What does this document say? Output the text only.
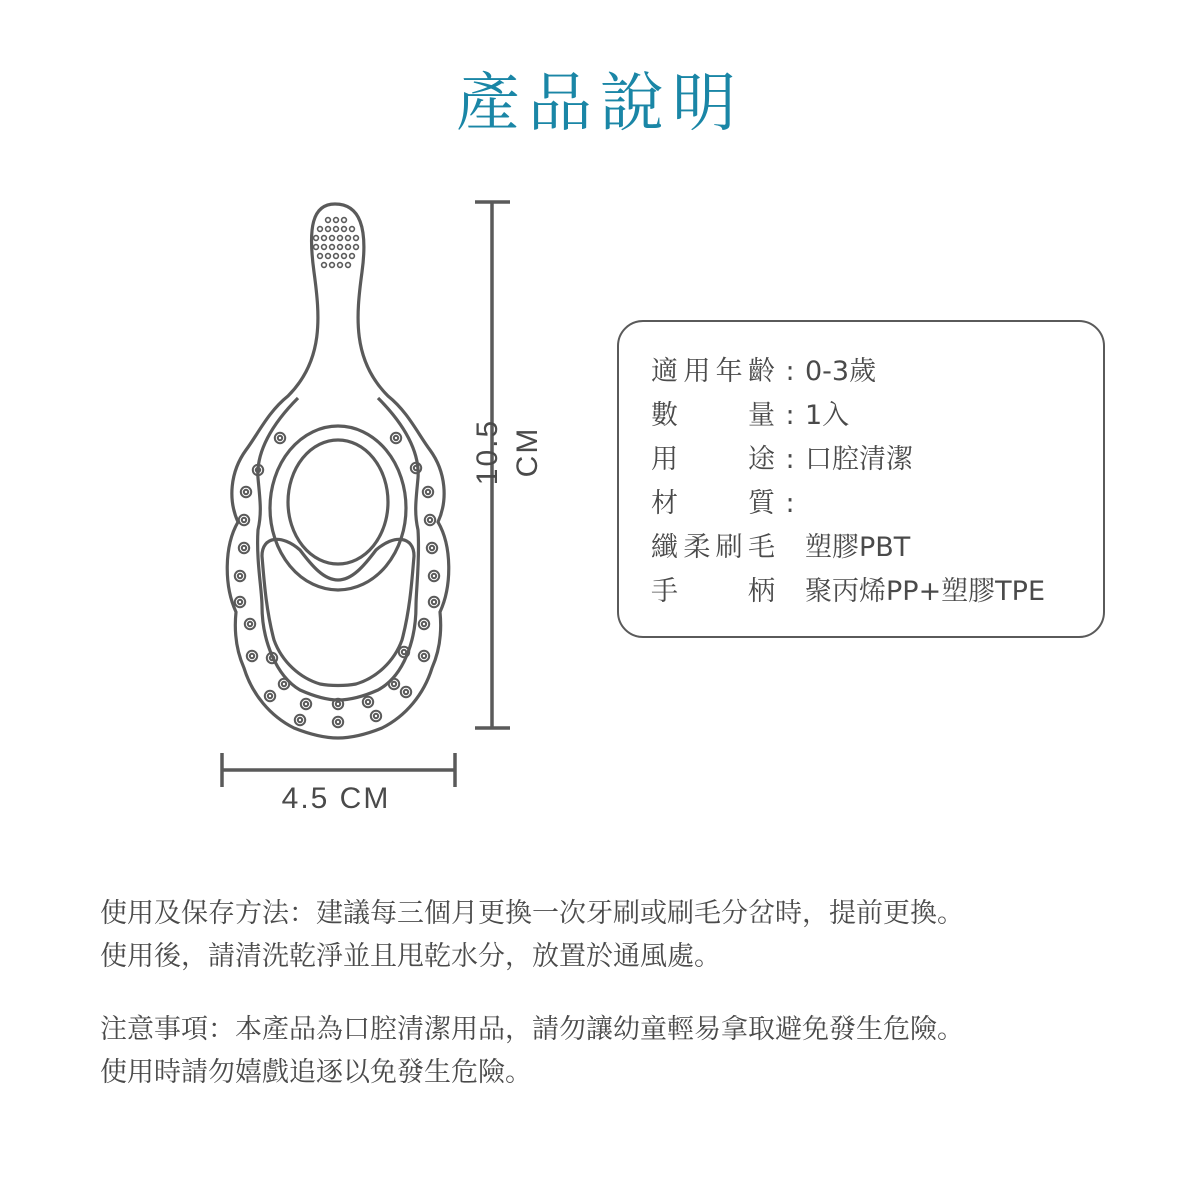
產品說明
10.5 CM
4.5 CM
適 用 年 齡 : 0-3歲
數	量 : 1入
用	途 : 口腔清潔
材	質 :
纖 柔 刷 毛 塑膠PBT
手	柄 聚丙烯PP+塑膠TPE
使用及保存方法：建議每三個月更換一次牙刷或刷毛分岔時，提前更換。
使用後，請清洗乾淨並且甩乾水分，放置於通風處。
注意事項：本產品為口腔清潔用品，請勿讓幼童輕易拿取避免發生危險。
使用時請勿嬉戲追逐以免發生危險。
